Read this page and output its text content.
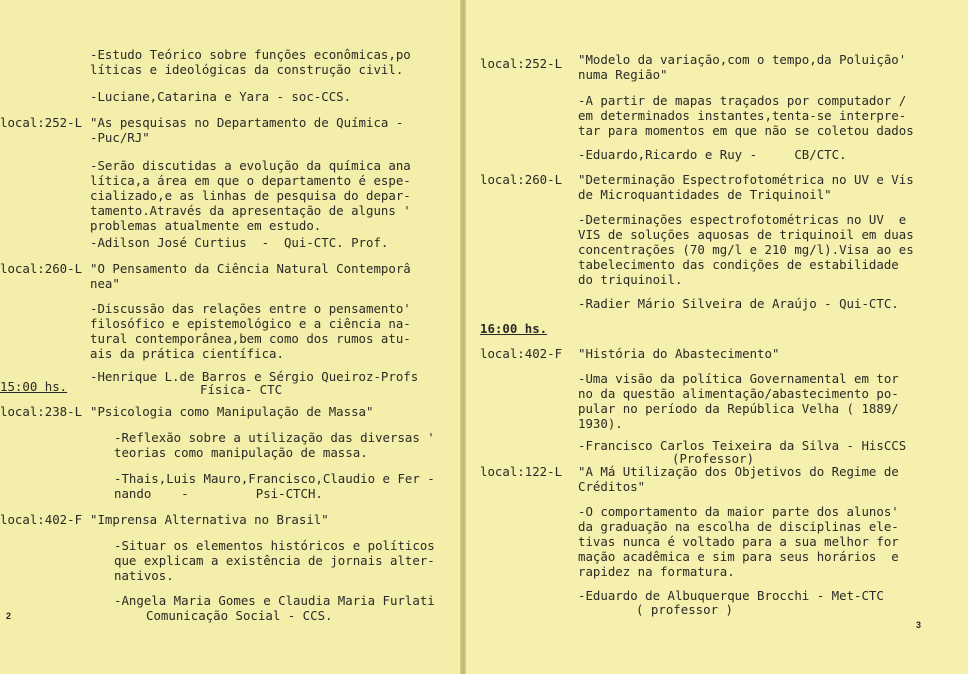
-Estudo Teórico sobre funções econômicas,po
líticas e ideológicas da construção civil.
-Luciane,Catarina e Yara - soc-CCS.
local:252-L "As pesquisas no Departamento de Química -
-Puc/RJ"
-Serão discutidas a evolução da química ana
lítica,a área em que o departamento é espe-
cializado,e as linhas de pesquisa do depar-
tamento.Através da apresentação de alguns '
problemas atualmente em estudo.
-Adilson José Curtius  -  Qui-CTC. Prof.
local:260-L "O Pensamento da Ciência Natural Contemporâ
nea"
-Discussão das relações entre o pensamento'
filosófico e epistemológico e a ciência na-
tural contemporânea,bem como dos rumos atu-
ais da prática científica.
-Henrique L.de Barros e Sérgio Queiroz-Profs
Física- CTC
15:00 hs.
local:238-L "Psicologia como Manipulação de Massa"
-Reflexão sobre a utilização das diversas '
teorias como manipulação de massa.
-Thais,Luis Mauro,Francisco,Claudio e Fer -
nando    -         Psi-CTCH.
local:402-F "Imprensa Alternativa no Brasil"
-Situar os elementos históricos e políticos
que explicam a existência de jornais alter-
nativos.
-Angela Maria Gomes e Claudia Maria Furlati
Comunicação Social - CCS.
2
local:252-L "Modelo da variação,com o tempo,da Poluição'
numa Região"
-A partir de mapas traçados por computador /
em determinados instantes,tenta-se interpre-
tar para momentos em que não se coletou dados
-Eduardo,Ricardo e Ruy -     CB/CTC.
local:260-L "Determinação Espectrofotométrica no UV e Vis
de Microquantidades de Triquinoil"
-Determinações espectrofotométricas no UV  e
VIS de soluções aquosas de triquinoil em duas
concentrações (70 mg/l e 210 mg/l).Visa ao es
tabelecimento das condições de estabilidade
do triquinoil.
-Radier Mário Silveira de Araújo - Qui-CTC.
16:00 hs.
local:402-F "História do Abastecimento"
-Uma visão da política Governamental em tor
no da questão alimentação/abastecimento po-
pular no período da República Velha ( 1889/
1930).
-Francisco Carlos Teixeira da Silva - HisCCS
(Professor)
local:122-L "A Má Utilização dos Objetivos do Regime de
Créditos"
-O comportamento da maior parte dos alunos'
da graduação na escolha de disciplinas ele-
tivas nunca é voltado para a sua melhor for
mação acadêmica e sim para seus horários  e
rapidez na formatura.
-Eduardo de Albuquerque Brocchi - Met-CTC
( professor )
3
